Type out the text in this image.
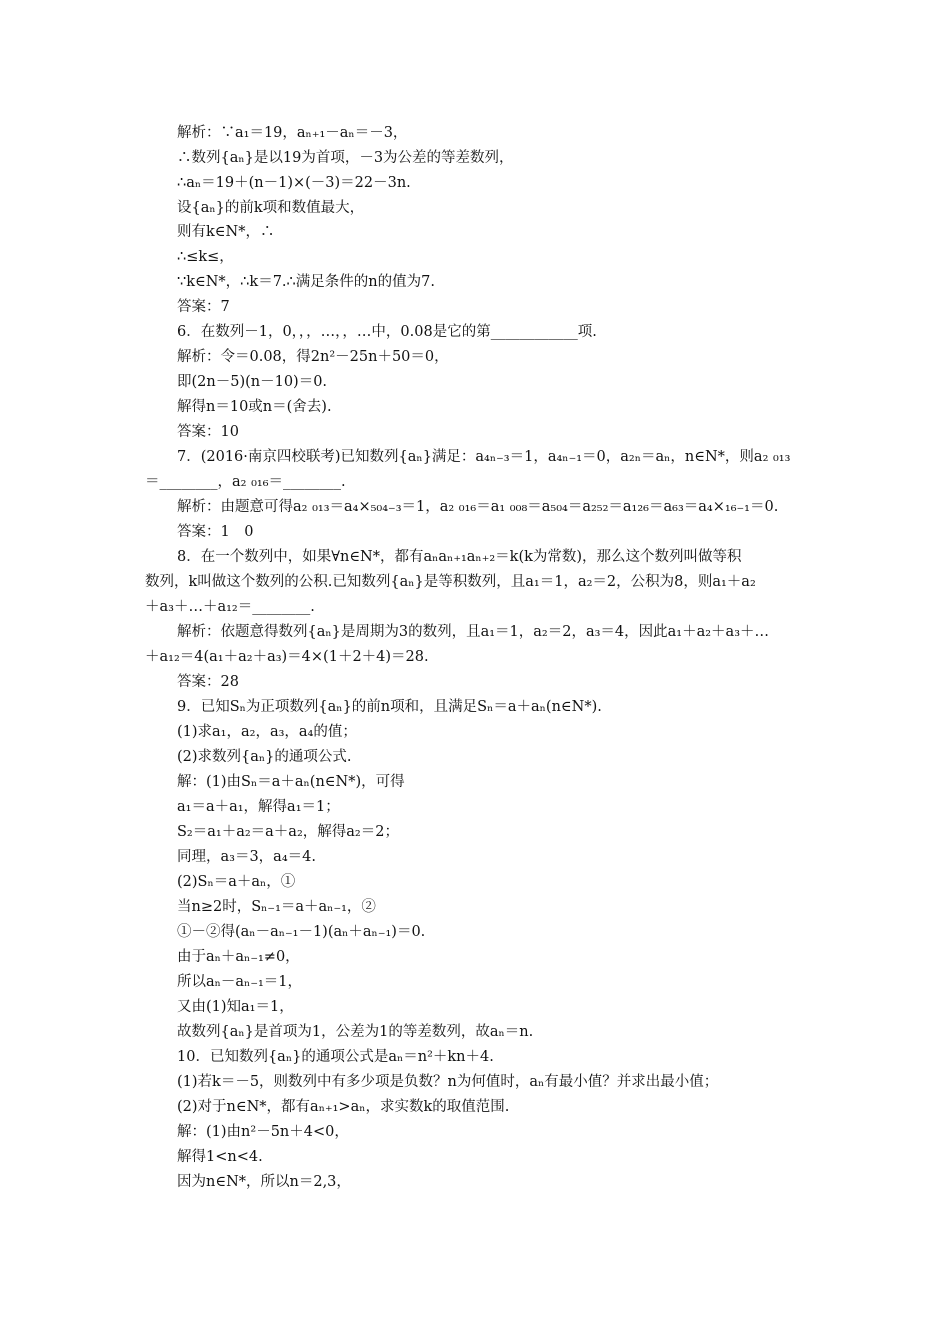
解析：∵a₁＝19，aₙ₊₁－aₙ＝－3，
∴数列{aₙ}是以19为首项，－3为公差的等差数列，
∴aₙ＝19＋(n－1)×(－3)＝22－3n.
设{aₙ}的前k项和数值最大，
则有k∈N*，∴
∴≤k≤，
∵k∈N*，∴k＝7.∴满足条件的n的值为7.
答案：7
6．在数列－1，0，，，…，，…中，0.08是它的第____________项.
解析：令＝0.08，得2n²－25n＋50＝0，
即(2n－5)(n－10)＝0.
解得n＝10或n＝(舍去).
答案：10
7．(2016·南京四校联考)已知数列{aₙ}满足：a₄ₙ₋₃＝1，a₄ₙ₋₁＝0，a₂ₙ＝aₙ，n∈N*，则a₂ ₀₁₃
＝________，a₂ ₀₁₆＝________.
解析：由题意可得a₂ ₀₁₃＝a₄×₅₀₄₋₃＝1，a₂ ₀₁₆＝a₁ ₀₀₈＝a₅₀₄＝a₂₅₂＝a₁₂₆＝a₆₃＝a₄×₁₆₋₁＝0.
答案：1　0
8．在一个数列中，如果∀n∈N*，都有aₙaₙ₊₁aₙ₊₂＝k(k为常数)，那么这个数列叫做等积
数列，k叫做这个数列的公积.已知数列{aₙ}是等积数列，且a₁＝1，a₂＝2，公积为8，则a₁＋a₂
＋a₃＋…＋a₁₂＝________.
解析：依题意得数列{aₙ}是周期为3的数列，且a₁＝1，a₂＝2，a₃＝4，因此a₁＋a₂＋a₃＋…
＋a₁₂＝4(a₁＋a₂＋a₃)＝4×(1＋2＋4)＝28.
答案：28
9．已知Sₙ为正项数列{aₙ}的前n项和，且满足Sₙ＝a＋aₙ(n∈N*).
(1)求a₁，a₂，a₃，a₄的值；
(2)求数列{aₙ}的通项公式.
解：(1)由Sₙ＝a＋aₙ(n∈N*)，可得
a₁＝a＋a₁，解得a₁＝1；
S₂＝a₁＋a₂＝a＋a₂，解得a₂＝2；
同理，a₃＝3，a₄＝4.
(2)Sₙ＝a＋aₙ，①
当n≥2时，Sₙ₋₁＝a＋aₙ₋₁，②
①－②得(aₙ－aₙ₋₁－1)(aₙ＋aₙ₋₁)＝0.
由于aₙ＋aₙ₋₁≠0，
所以aₙ－aₙ₋₁＝1，
又由(1)知a₁＝1，
故数列{aₙ}是首项为1，公差为1的等差数列，故aₙ＝n.
10．已知数列{aₙ}的通项公式是aₙ＝n²＋kn＋4.
(1)若k＝－5，则数列中有多少项是负数？n为何值时，aₙ有最小值？并求出最小值；
(2)对于n∈N*，都有aₙ₊₁>aₙ，求实数k的取值范围.
解：(1)由n²－5n＋4<0，
解得1<n<4.
因为n∈N*，所以n＝2,3，
